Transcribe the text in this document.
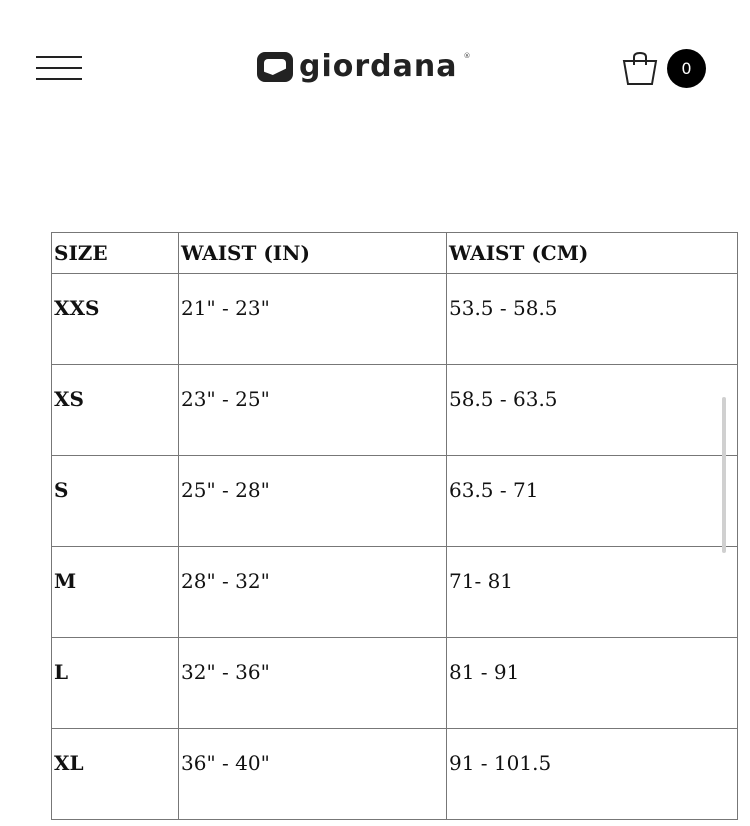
giordana ®
0
SIZE	WAIST (IN)	WAIST (CM)
XXS	21" - 23"	53.5 - 58.5
XS	23" - 25"	58.5 - 63.5
S	25" - 28"	63.5 - 71
M	28" - 32"	71- 81
L	32" - 36"	81 - 91
XL	36" - 40"	91 - 101.5
